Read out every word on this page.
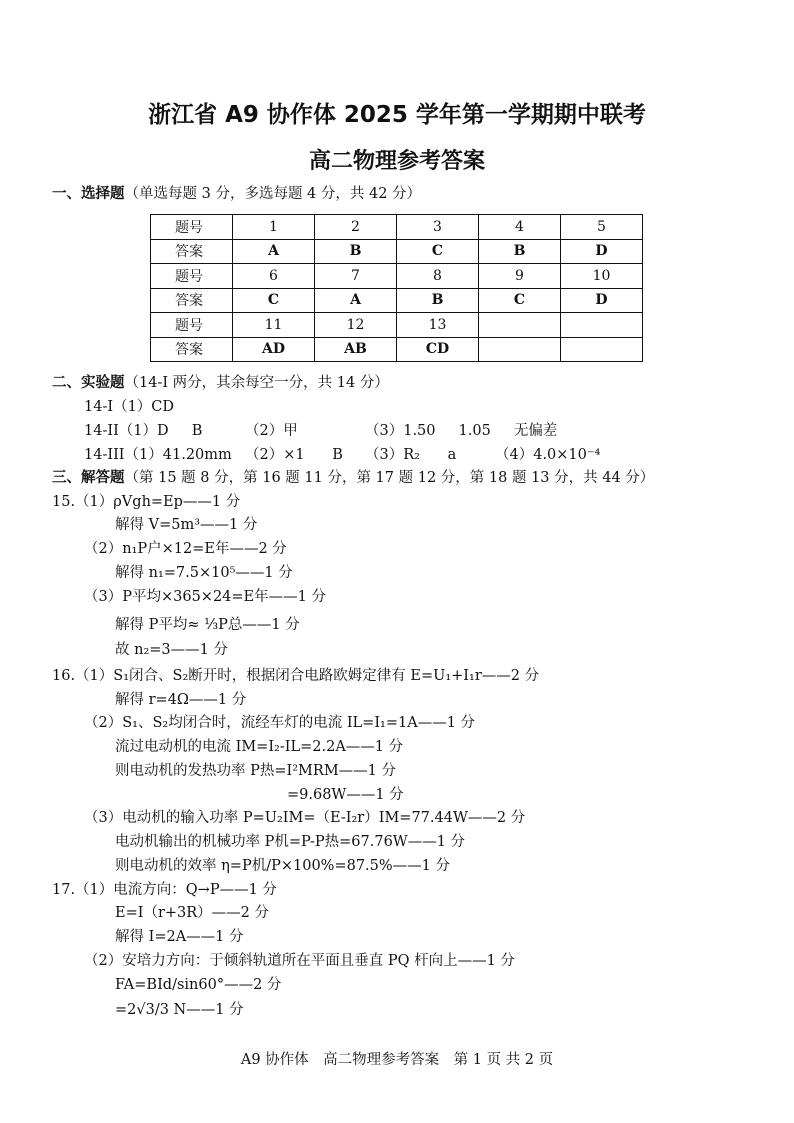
浙江省 A9 协作体 2025 学年第一学期期中联考
高二物理参考答案
一、选择题（单选每题 3 分，多选每题 4 分，共 42 分）
题号	1	2	3	4	5
答案	A	B	C	B	D
题号	6	7	8	9	10
答案	C	A	B	C	D
题号	11	12	13		
答案	AD	AB	CD		
二、实验题（14-I 两分，其余每空一分，共 14 分）
14-I（1）CD
14-II（1）D     B	（2）甲	（3）1.50     1.05     无偏差
14-III（1）41.20mm （2）×1      B （3）R₂      a	（4）4.0×10⁻⁴
三、解答题（第 15 题 8 分，第 16 题 11 分，第 17 题 12 分，第 18 题 13 分，共 44 分）
15.（1）ρVgh=Ep——1 分
解得 V=5m³——1 分
（2）n₁P户×12=E年——2 分
解得 n₁=7.5×10⁵——1 分
（3）P平均×365×24=E年——1 分
解得 P平均≈ ⅓P总——1 分
故 n₂=3——1 分
16.（1）S₁闭合、S₂断开时，根据闭合电路欧姆定律有 E=U₁+I₁r——2 分
解得 r=4Ω——1 分
（2）S₁、S₂均闭合时，流经车灯的电流 IL=I₁=1A——1 分
流过电动机的电流 IM=I₂-IL=2.2A——1 分
则电动机的发热功率 P热=I²MRM——1 分
=9.68W——1 分
（3）电动机的输入功率 P=U₂IM=（E-I₂r）IM=77.44W——2 分
电动机输出的机械功率 P机=P-P热=67.76W——1 分
则电动机的效率 η=P机/P×100%=87.5%——1 分
17.（1）电流方向：Q→P——1 分
E=I（r+3R）——2 分
解得 I=2A——1 分
（2）安培力方向：于倾斜轨道所在平面且垂直 PQ 杆向上——1 分
FA=BId/sin60°——2 分
=2√3/3 N——1 分
A9 协作体　高二物理参考答案　第 1 页 共 2 页
